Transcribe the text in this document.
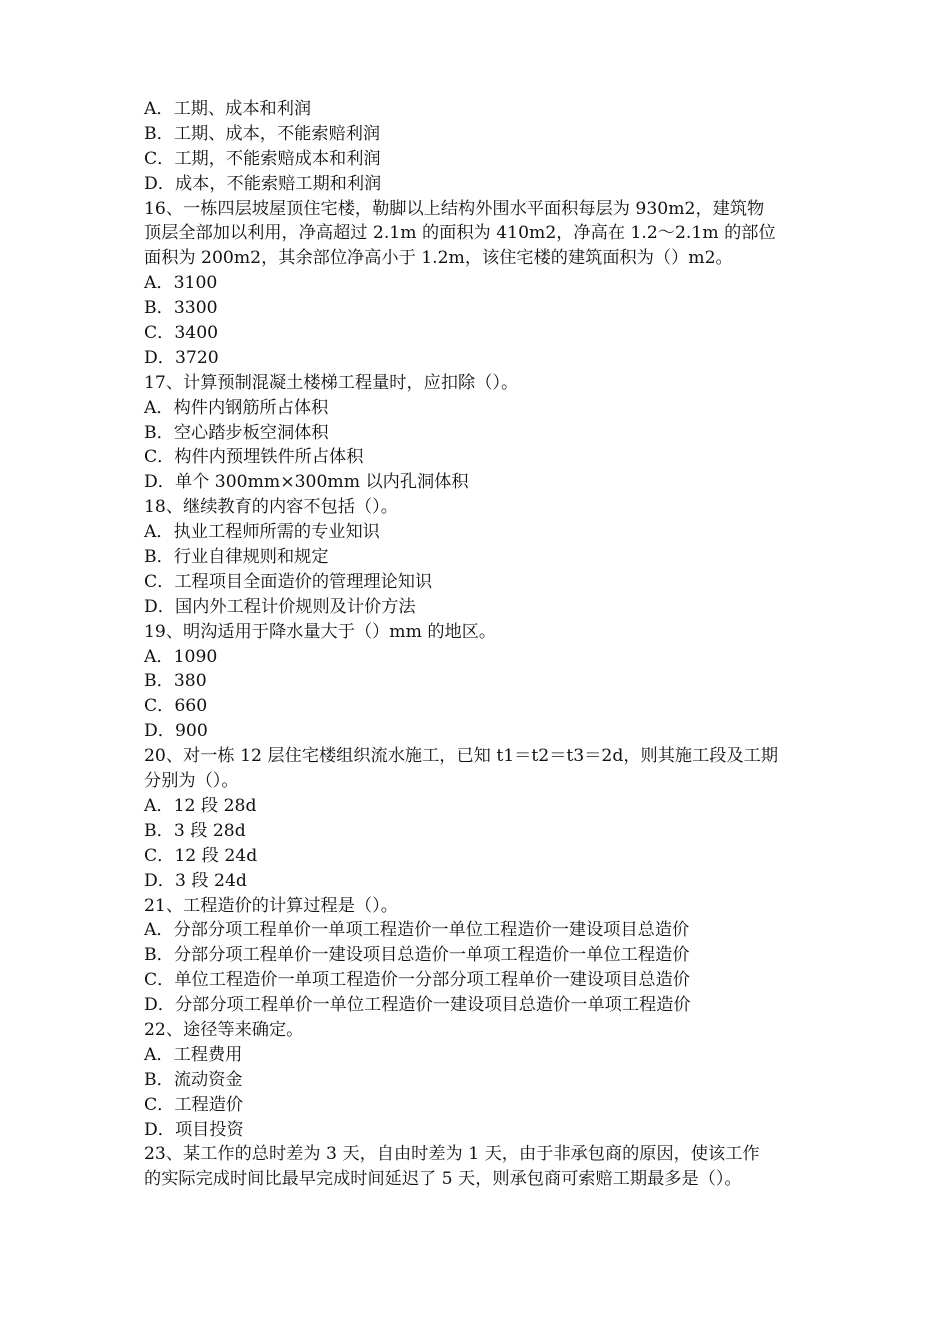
A．工期、成本和利润
B．工期、成本，不能索赔利润
C．工期，不能索赔成本和利润
D．成本，不能索赔工期和利润
16、一栋四层坡屋顶住宅楼，勒脚以上结构外围水平面积每层为 930m2，建筑物
顶层全部加以利用，净高超过 2.1m 的面积为 410m2，净高在 1.2～2.1m 的部位
面积为 200m2，其余部位净高小于 1.2m，该住宅楼的建筑面积为（）m2。
A．3100
B．3300
C．3400
D．3720
17、计算预制混凝土楼梯工程量时，应扣除（）。
A．构件内钢筋所占体积
B．空心踏步板空洞体积
C．构件内预埋铁件所占体积
D．单个 300mm×300mm 以内孔洞体积
18、继续教育的内容不包括（）。
A．执业工程师所需的专业知识
B．行业自律规则和规定
C．工程项目全面造价的管理理论知识
D．国内外工程计价规则及计价方法
19、明沟适用于降水量大于（）mm 的地区。
A．1090
B．380
C．660
D．900
20、对一栋 12 层住宅楼组织流水施工，已知 t1＝t2＝t3＝2d，则其施工段及工期
分别为（）。
A．12 段 28d
B．3 段 28d
C．12 段 24d
D．3 段 24d
21、工程造价的计算过程是（）。
A．分部分项工程单价一单项工程造价一单位工程造价一建设项目总造价
B．分部分项工程单价一建设项目总造价一单项工程造价一单位工程造价
C．单位工程造价一单项工程造价一分部分项工程单价一建设项目总造价
D．分部分项工程单价一单位工程造价一建设项目总造价一单项工程造价
22、途径等来确定。
A．工程费用
B．流动资金
C．工程造价
D．项目投资
23、某工作的总时差为 3 天，自由时差为 1 天，由于非承包商的原因，使该工作
的实际完成时间比最早完成时间延迟了 5 天，则承包商可索赔工期最多是（）。
